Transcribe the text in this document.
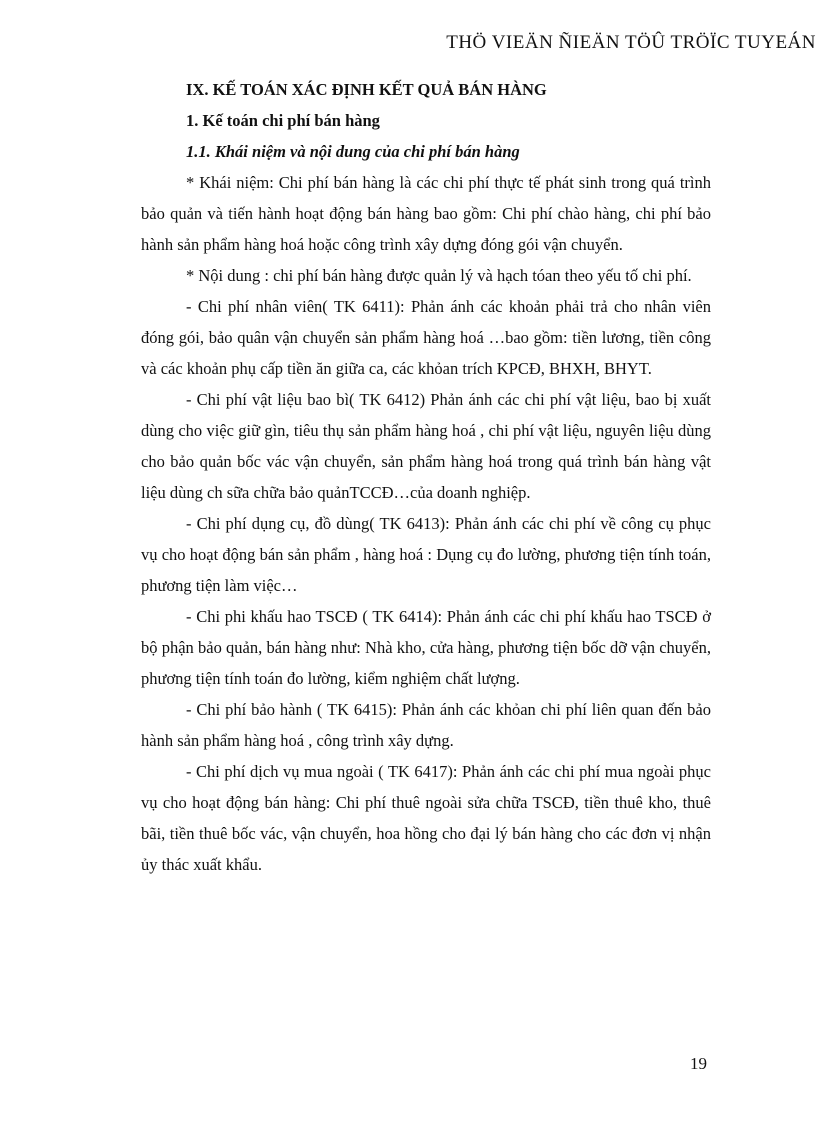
THÖ VIEÄN ÑIEÄN TÖÛ TRÖÏC TUYEÁN

IX. KẾ TOÁN XÁC ĐỊNH KẾT QUẢ BÁN HÀNG

1. Kế toán chi phí bán hàng

1.1. Khái niệm và nội dung của chi phí bán hàng

* Khái niệm: Chi phí bán hàng là các chi phí thực tế phát sinh trong quá trình bảo quản và tiến hành hoạt động bán hàng bao gồm: Chi phí chào hàng, chi phí bảo hành sản phẩm hàng hoá hoặc công trình xây dựng đóng gói vận chuyển.

* Nội dung : chi phí bán hàng được quản lý và hạch tóan theo yếu tố chi phí.

- Chi phí nhân viên( TK 6411): Phản ánh các khoản phải trả cho nhân viên đóng gói, bảo quân vận chuyển sản phẩm hàng hoá …bao gồm: tiền lương, tiền công và các khoản phụ cấp tiền ăn giữa ca, các khỏan trích KPCĐ, BHXH, BHYT.

- Chi phí vật liệu bao bì( TK 6412) Phản ánh các chi phí vật liệu, bao bị xuất dùng cho việc giữ gìn, tiêu thụ sản phẩm hàng hoá , chi phí vật liệu, nguyên liệu dùng cho bảo quản bốc vác vận chuyển, sản phẩm hàng hoá trong quá trình bán hàng vật liệu dùng ch sữa chữa bảo quảnTCCĐ…của doanh nghiệp.

- Chi phí dụng cụ, đồ dùng( TK 6413): Phản ánh các chi phí về công cụ phục vụ cho hoạt động bán sản phẩm , hàng hoá : Dụng cụ đo lường, phương tiện tính toán, phương tiện làm việc…

- Chi phi khấu hao TSCĐ ( TK 6414): Phản ánh các chi phí khấu hao TSCĐ ở bộ phận bảo quản, bán hàng như: Nhà kho, cửa hàng, phương tiện bốc dỡ vận chuyển, phương tiện tính toán đo lường, kiểm nghiệm chất lượng.

- Chi phí bảo hành ( TK 6415): Phản ánh các khỏan chi phí liên quan đến bảo hành sản phẩm hàng hoá , công trình xây dựng.

- Chi phí dịch vụ mua ngoài ( TK 6417): Phản ánh các chi phí mua ngoài phục vụ cho hoạt động bán hàng: Chi phí thuê ngoài sửa chữa TSCĐ, tiền thuê kho, thuê bãi, tiền thuê bốc vác, vận chuyển, hoa hồng cho đại lý bán hàng cho các đơn vị nhận ủy thác xuất khẩu.

19
